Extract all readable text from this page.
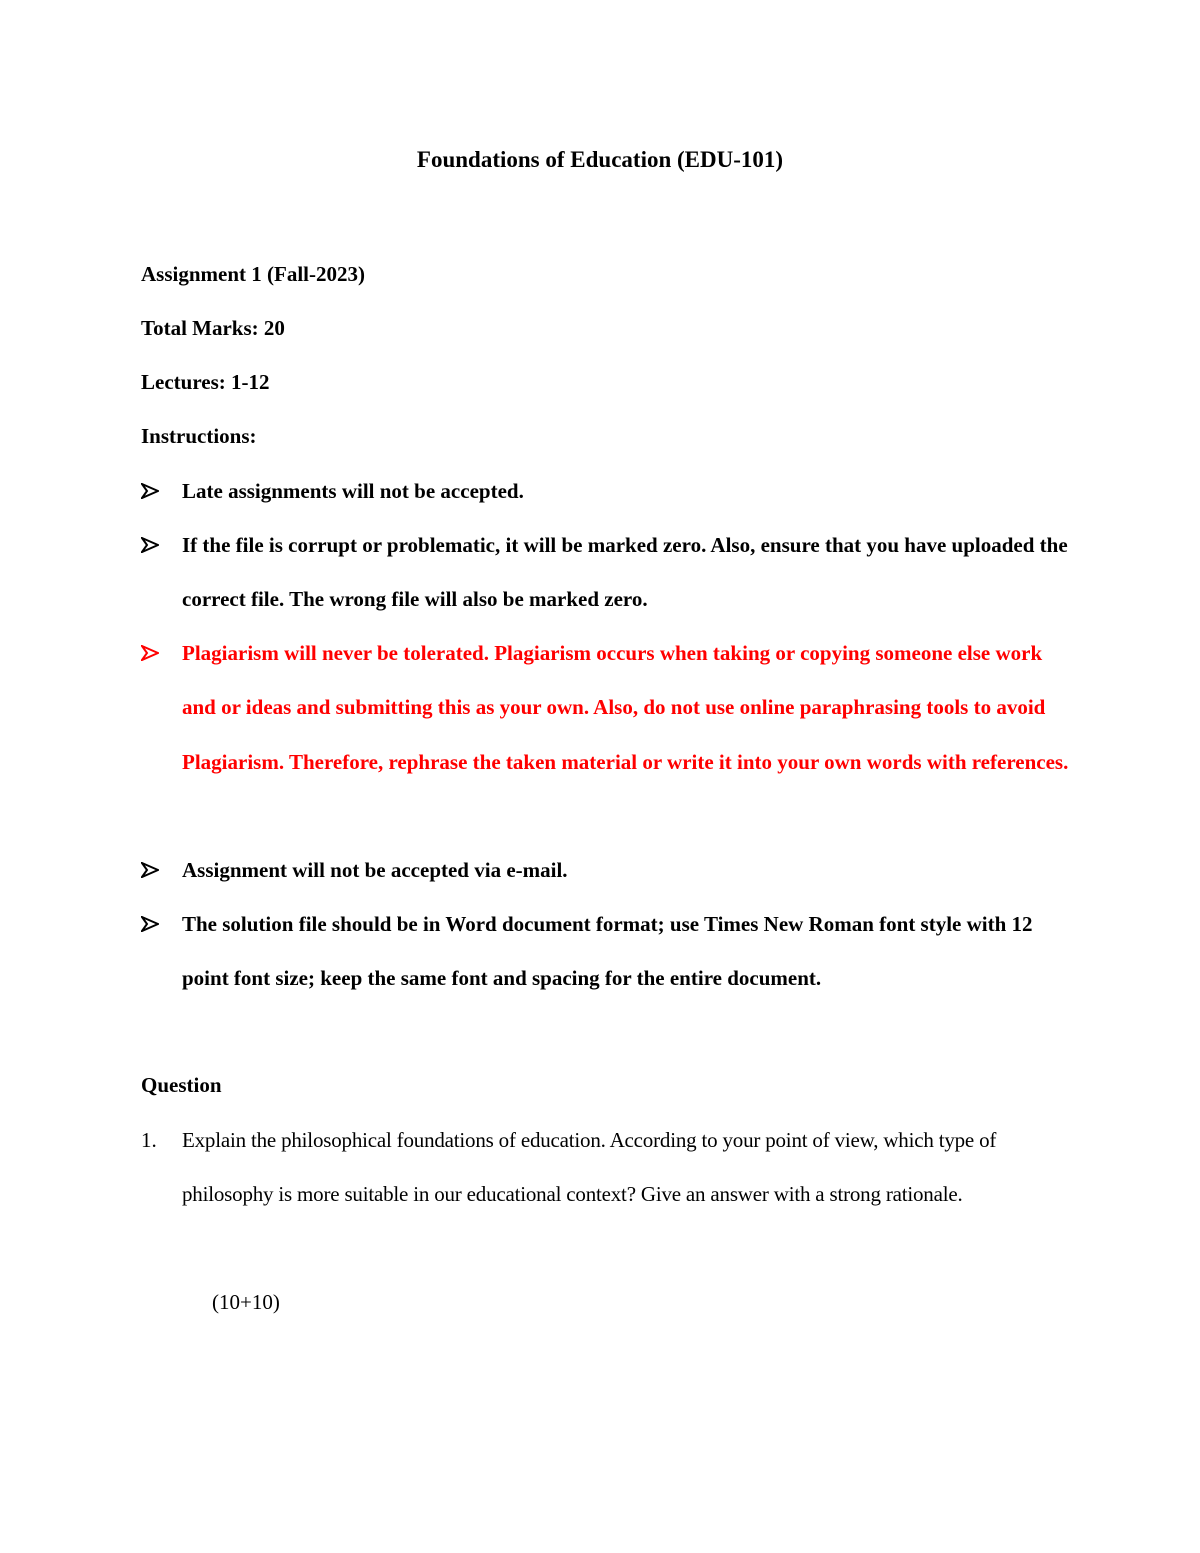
Foundations of Education (EDU-101)
Assignment 1 (Fall-2023)
Total Marks: 20
Lectures: 1-12
Instructions:
Late assignments will not be accepted.
If the file is corrupt or problematic, it will be marked zero. Also, ensure that you have uploaded the correct file. The wrong file will also be marked zero.
Plagiarism will never be tolerated. Plagiarism occurs when taking or copying someone else work and or ideas and submitting this as your own. Also, do not use online paraphrasing tools to avoid Plagiarism. Therefore, rephrase the taken material or write it into your own words with references.
Assignment will not be accepted via e-mail.
The solution file should be in Word document format; use Times New Roman font style with 12 point font size; keep the same font and spacing for the entire document.
Question
1. Explain the philosophical foundations of education. According to your point of view, which type of philosophy is more suitable in our educational context? Give an answer with a strong rationale.
(10+10)
